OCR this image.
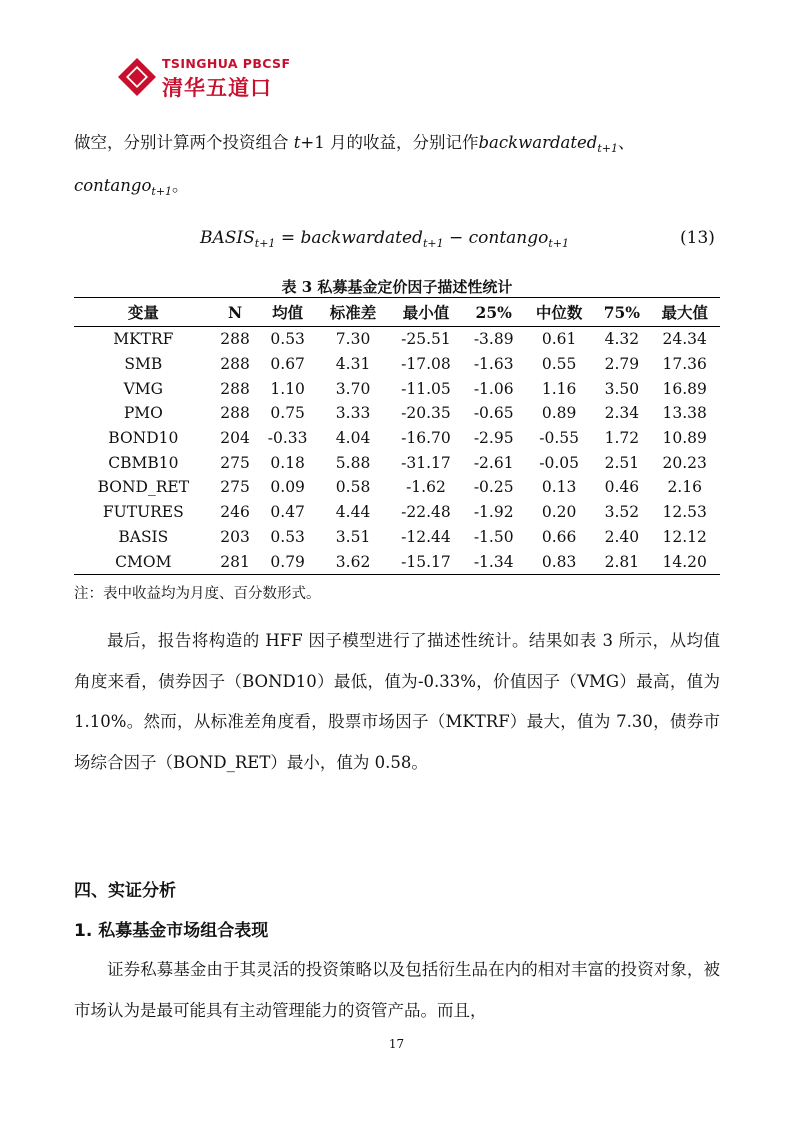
TSINGHUA PBCSF
清华五道口
做空，分别计算两个投资组合 t+1 月的收益，分别记作backwardated$_{t+1}$、
contango$_{t+1}$。
$BASIS_{t+1}$ = backwardated$_{t+1}$ − contango$_{t+1}$	(13)
表 3 私募基金定价因子描述性统计
变量	N	均值	标准差	最小值	25%	中位数	75%	最大值
MKTRF	288	0.53	7.30	-25.51	-3.89	0.61	4.32	24.34
SMB	288	0.67	4.31	-17.08	-1.63	0.55	2.79	17.36
VMG	288	1.10	3.70	-11.05	-1.06	1.16	3.50	16.89
PMO	288	0.75	3.33	-20.35	-0.65	0.89	2.34	13.38
BOND10	204	-0.33	4.04	-16.70	-2.95	-0.55	1.72	10.89
CBMB10	275	0.18	5.88	-31.17	-2.61	-0.05	2.51	20.23
BOND_RET	275	0.09	0.58	-1.62	-0.25	0.13	0.46	2.16
FUTURES	246	0.47	4.44	-22.48	-1.92	0.20	3.52	12.53
BASIS	203	0.53	3.51	-12.44	-1.50	0.66	2.40	12.12
CMOM	281	0.79	3.62	-15.17	-1.34	0.83	2.81	14.20
注：表中收益均为月度、百分数形式。
最后，报告将构造的 HFF 因子模型进行了描述性统计。结果如表 3 所示，从均值角度来看，债券因子（BOND10）最低，值为-0.33%，价值因子（VMG）最高，值为 1.10%。然而，从标准差角度看，股票市场因子（MKTRF）最大，值为 7.30，债券市场综合因子（BOND_RET）最小，值为 0.58。
四、实证分析
1. 私募基金市场组合表现
证券私募基金由于其灵活的投资策略以及包括衍生品在内的相对丰富的投资对象，被市场认为是最可能具有主动管理能力的资管产品。而且，
17
